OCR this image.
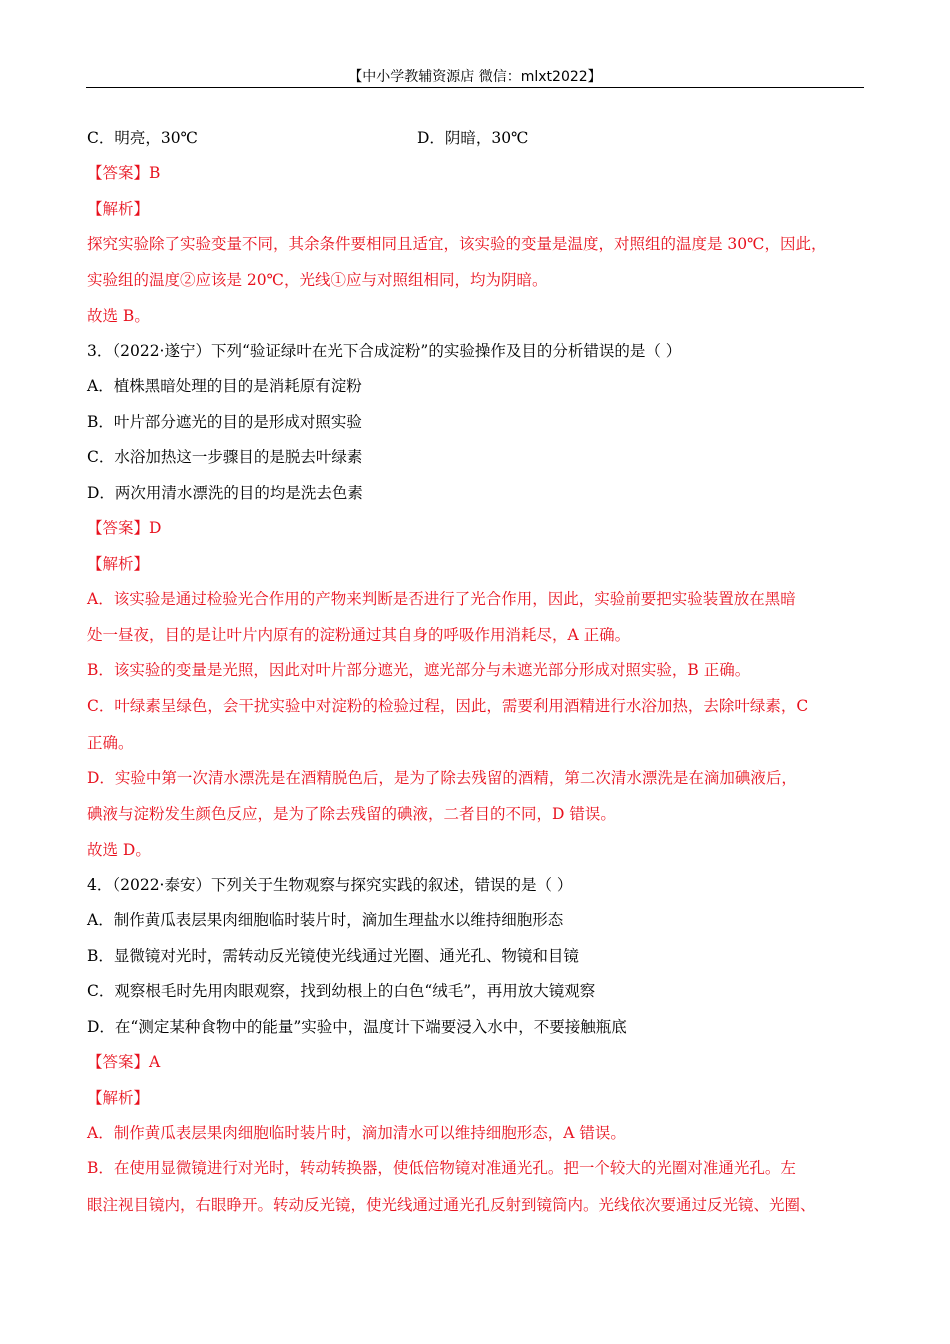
【中小学教辅资源店 微信：mlxt2022】
C．明亮，30℃	D．阴暗，30℃
【答案】B
【解析】
探究实验除了实验变量不同，其余条件要相同且适宜，该实验的变量是温度，对照组的温度是 30℃，因此，
实验组的温度②应该是 20℃，光线①应与对照组相同，均为阴暗。
故选 B。
3．（2022·遂宁）下列“验证绿叶在光下合成淀粉”的实验操作及目的分析错误的是（ ）
A．植株黑暗处理的目的是消耗原有淀粉
B．叶片部分遮光的目的是形成对照实验
C．水浴加热这一步骤目的是脱去叶绿素
D．两次用清水漂洗的目的均是洗去色素
【答案】D
【解析】
A．该实验是通过检验光合作用的产物来判断是否进行了光合作用，因此，实验前要把实验装置放在黑暗
处一昼夜，目的是让叶片内原有的淀粉通过其自身的呼吸作用消耗尽，A 正确。
B．该实验的变量是光照，因此对叶片部分遮光，遮光部分与未遮光部分形成对照实验，B 正确。
C．叶绿素呈绿色，会干扰实验中对淀粉的检验过程，因此，需要利用酒精进行水浴加热，去除叶绿素，C
正确。
D．实验中第一次清水漂洗是在酒精脱色后，是为了除去残留的酒精，第二次清水漂洗是在滴加碘液后，
碘液与淀粉发生颜色反应，是为了除去残留的碘液，二者目的不同，D 错误。
故选 D。
4．（2022·泰安）下列关于生物观察与探究实践的叙述，错误的是（ ）
A．制作黄瓜表层果肉细胞临时装片时，滴加生理盐水以维持细胞形态
B．显微镜对光时，需转动反光镜使光线通过光圈、通光孔、物镜和目镜
C．观察根毛时先用肉眼观察，找到幼根上的白色“绒毛”，再用放大镜观察
D．在“测定某种食物中的能量”实验中，温度计下端要浸入水中，不要接触瓶底
【答案】A
【解析】
A．制作黄瓜表层果肉细胞临时装片时，滴加清水可以维持细胞形态，A 错误。
B．在使用显微镜进行对光时，转动转换器，使低倍物镜对准通光孔。把一个较大的光圈对准通光孔。左
眼注视目镜内，右眼睁开。转动反光镜，使光线通过通光孔反射到镜筒内。光线依次要通过反光镜、光圈、
